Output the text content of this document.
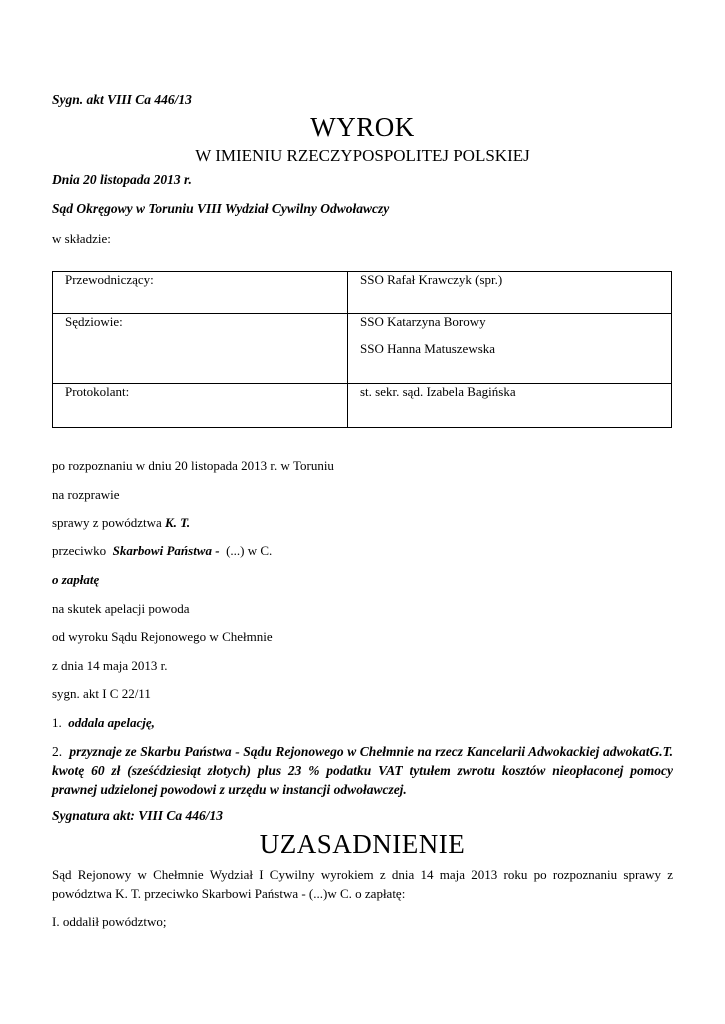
Sygn. akt VIII Ca 446/13
WYROK
W IMIENIU RZECZYPOSPOLITEJ POLSKIEJ
Dnia 20 listopada 2013 r.
Sąd Okręgowy w Toruniu VIII Wydział Cywilny Odwoławczy
w składzie:
Przewodniczący:	SSO Rafał Krawczyk (spr.)
Sędziowie:	SSO Katarzyna Borowy
SSO Hanna Matuszewska

Protokolant:	st. sekr. sąd. Izabela Bagińska
po rozpoznaniu w dniu 20 listopada 2013 r. w Toruniu
na rozprawie
sprawy z powództwa K. T.
przeciwko  Skarbowi Państwa -  (...) w C.
o zapłatę
na skutek apelacji powoda
od wyroku Sądu Rejonowego w Chełmnie
z dnia 14 maja 2013 r.
sygn. akt I C 22/11
1. oddala apelację,
2. przyznaje ze Skarbu Państwa - Sądu Rejonowego w Chełmnie na rzecz Kancelarii Adwokackiej adwokatG.T. kwotę 60 zł (sześćdziesiąt złotych) plus 23 % podatku VAT tytułem zwrotu kosztów nieopłaconej pomocy prawnej udzielonej powodowi z urzędu w instancji odwoławczej.
Sygnatura akt: VIII Ca 446/13
UZASADNIENIE
Sąd Rejonowy w Chełmnie Wydział I Cywilny wyrokiem z dnia 14 maja 2013 roku po rozpoznaniu sprawy z powództwa K. T. przeciwko Skarbowi Państwa - (...)w C. o zapłatę:
I. oddalił powództwo;
